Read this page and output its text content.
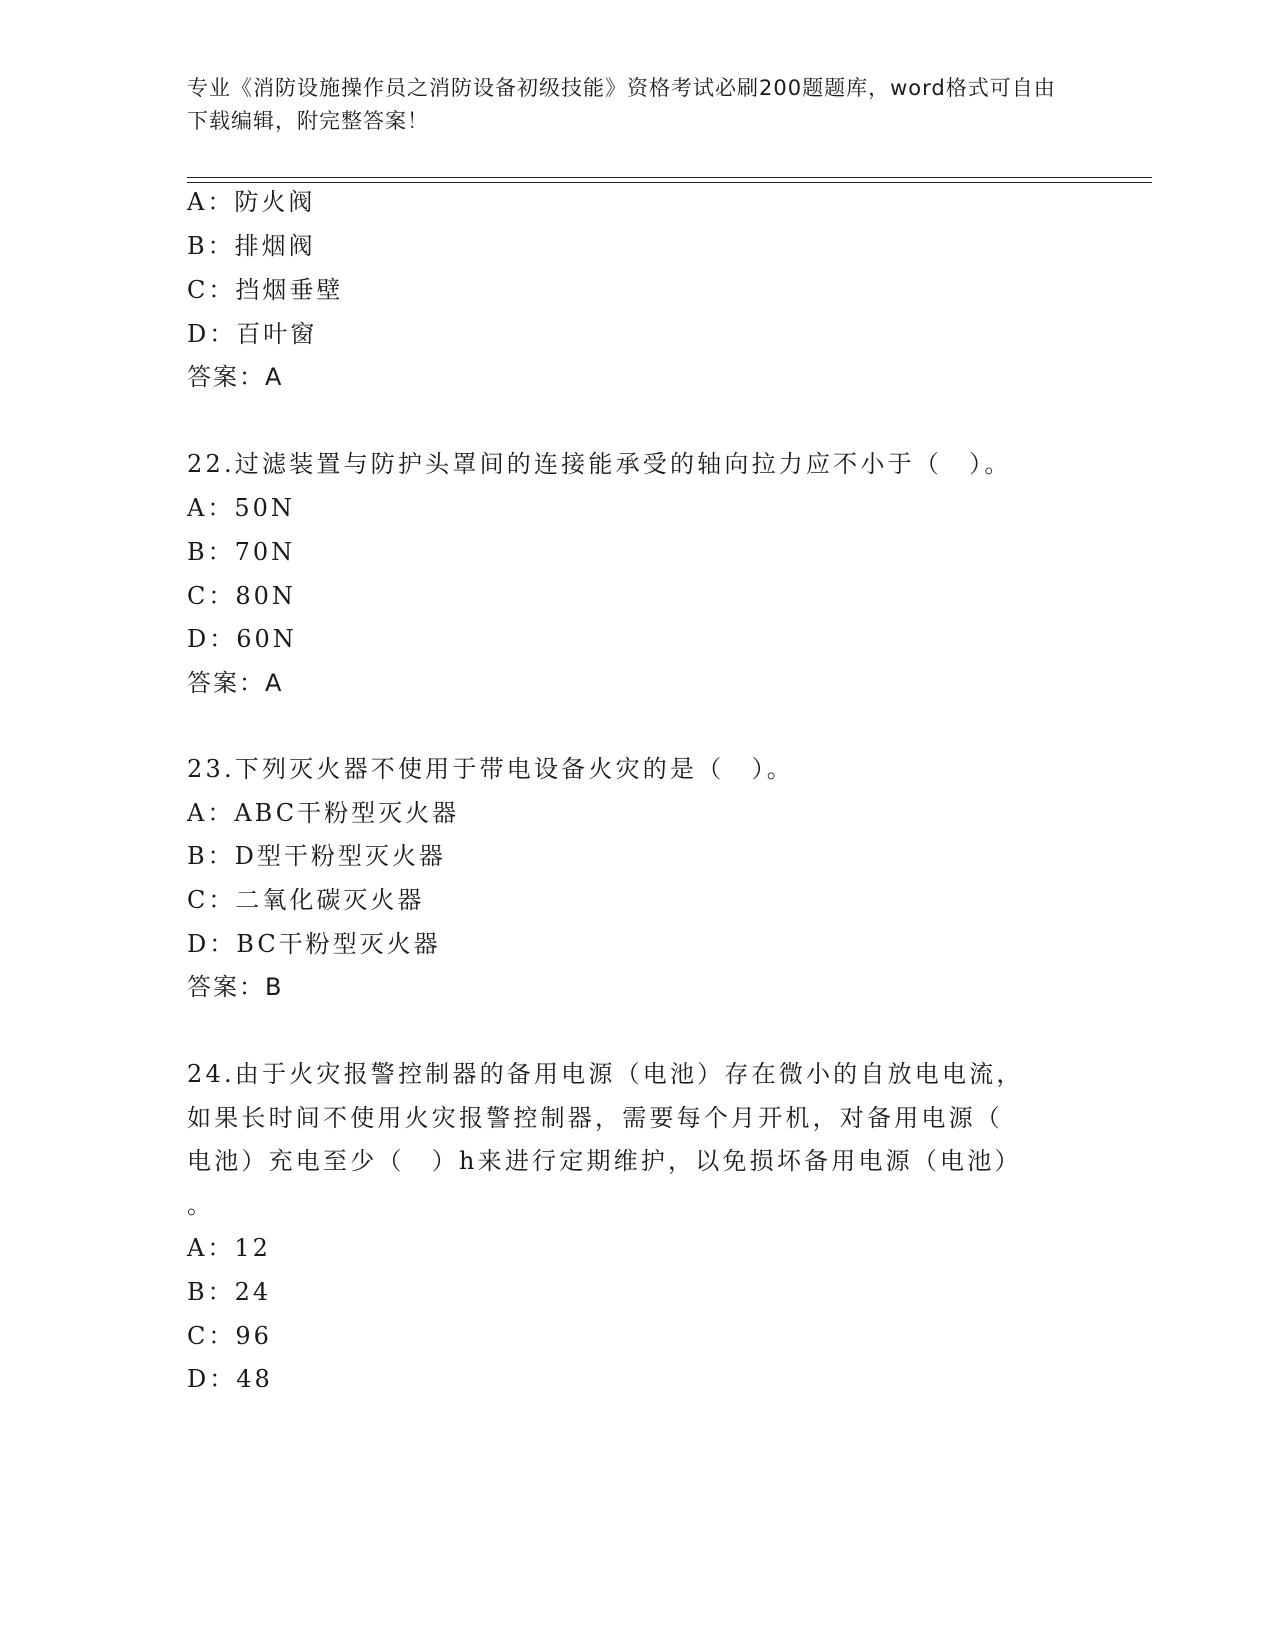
专业《消防设施操作员之消防设备初级技能》资格考试必刷200题题库，word格式可自由下载编辑，附完整答案！
A：防火阀
B：排烟阀
C：挡烟垂壁
D：百叶窗
答案：A
22.过滤装置与防护头罩间的连接能承受的轴向拉力应不小于（　）。
A：50N
B：70N
C：80N
D：60N
答案：A
23.下列灭火器不使用于带电设备火灾的是（　）。
A：ABC干粉型灭火器
B：D型干粉型灭火器
C：二氧化碳灭火器
D：BC干粉型灭火器
答案：B
24.由于火灾报警控制器的备用电源（电池）存在微小的自放电电流，
如果长时间不使用火灾报警控制器，需要每个月开机，对备用电源（
电池）充电至少（　）h来进行定期维护，以免损坏备用电源（电池）
。
A：12
B：24
C：96
D：48
